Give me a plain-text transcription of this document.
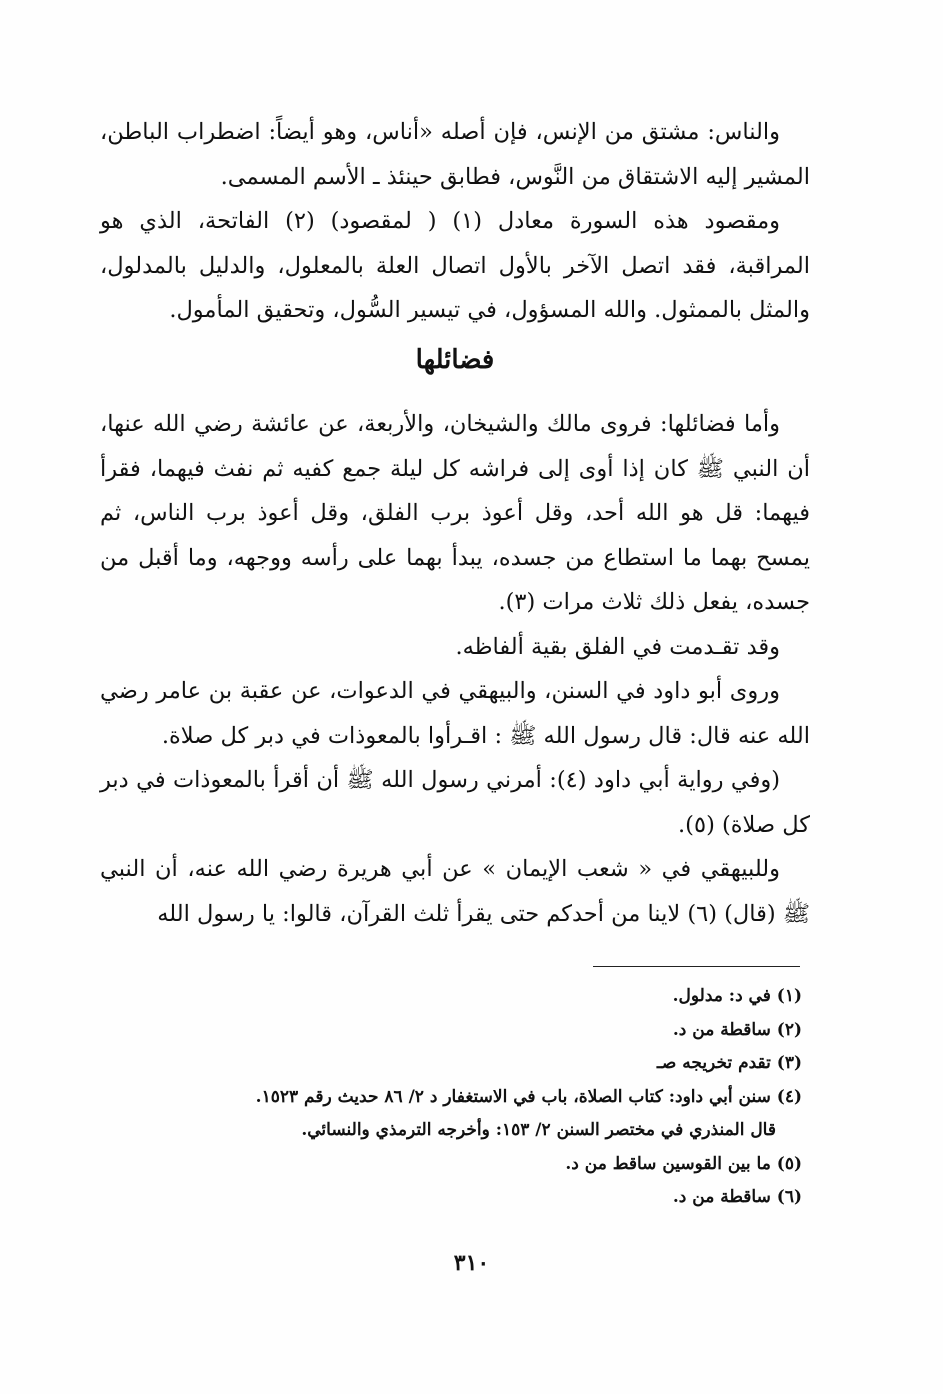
والناس: مشتق من الإنس، فإن أصله «أناس، وهو أيضاً: اضطراب الباطن، المشير إليه الاشتقاق من النَّوس، فطابق حينئذ ـ الأسم المسمى.

ومقصود هذه السورة معادل (١) ( لمقصود) (٢) الفاتحة، الذي هو المراقبة، فقد اتصل الآخر بالأول اتصال العلة بالمعلول، والدليل بالمدلول، والمثل بالممثول. والله المسؤول، في تيسير السُّول، وتحقيق المأمول.

فضائلها

وأما فضائلها: فروى مالك والشيخان، والأربعة، عن عائشة رضي الله عنها، أن النبي ﷺ كان إذا أوى إلى فراشه كل ليلة جمع كفيه ثم نفث فيهما، فقرأ فيهما: قل هو الله أحد، وقل أعوذ برب الفلق، وقل أعوذ برب الناس، ثم يمسح بهما ما استطاع من جسده، يبدأ بهما على رأسه ووجهه، وما أقبل من جسده، يفعل ذلك ثلاث مرات (٣).

وقد تقـدمت في الفلق بقية ألفاظه.

وروى أبو داود في السنن، والبيهقي في الدعوات، عن عقبة بن عامر رضي الله عنه قال: قال رسول الله ﷺ : اقـرأوا بالمعوذات في دبر كل صلاة.

(وفي رواية أبي داود (٤): أمرني رسول الله ﷺ أن أقرأ بالمعوذات في دبر كل صلاة) (٥).

وللبيهقي في « شعب الإيمان » عن أبي هريرة رضي الله عنه، أن النبي ﷺ (قال) (٦) لاينا من أحدكم حتى يقرأ ثلث القرآن، قالوا: يا رسول الله

(١) في د: مدلول.

(٢) ساقطة من د.

(٣) تقدم تخريجه صـ

(٤) سنن أبي داود: كتاب الصلاة، باب في الاستغفار د ٢/ ٨٦ حديث رقم ١٥٢٣.

قال المنذري في مختصر السنن ٢/ ١٥٣: وأخرجه الترمذي والنسائي.

(٥) ما بين القوسين ساقط من د.

(٦) ساقطة من د.

٣١٠
